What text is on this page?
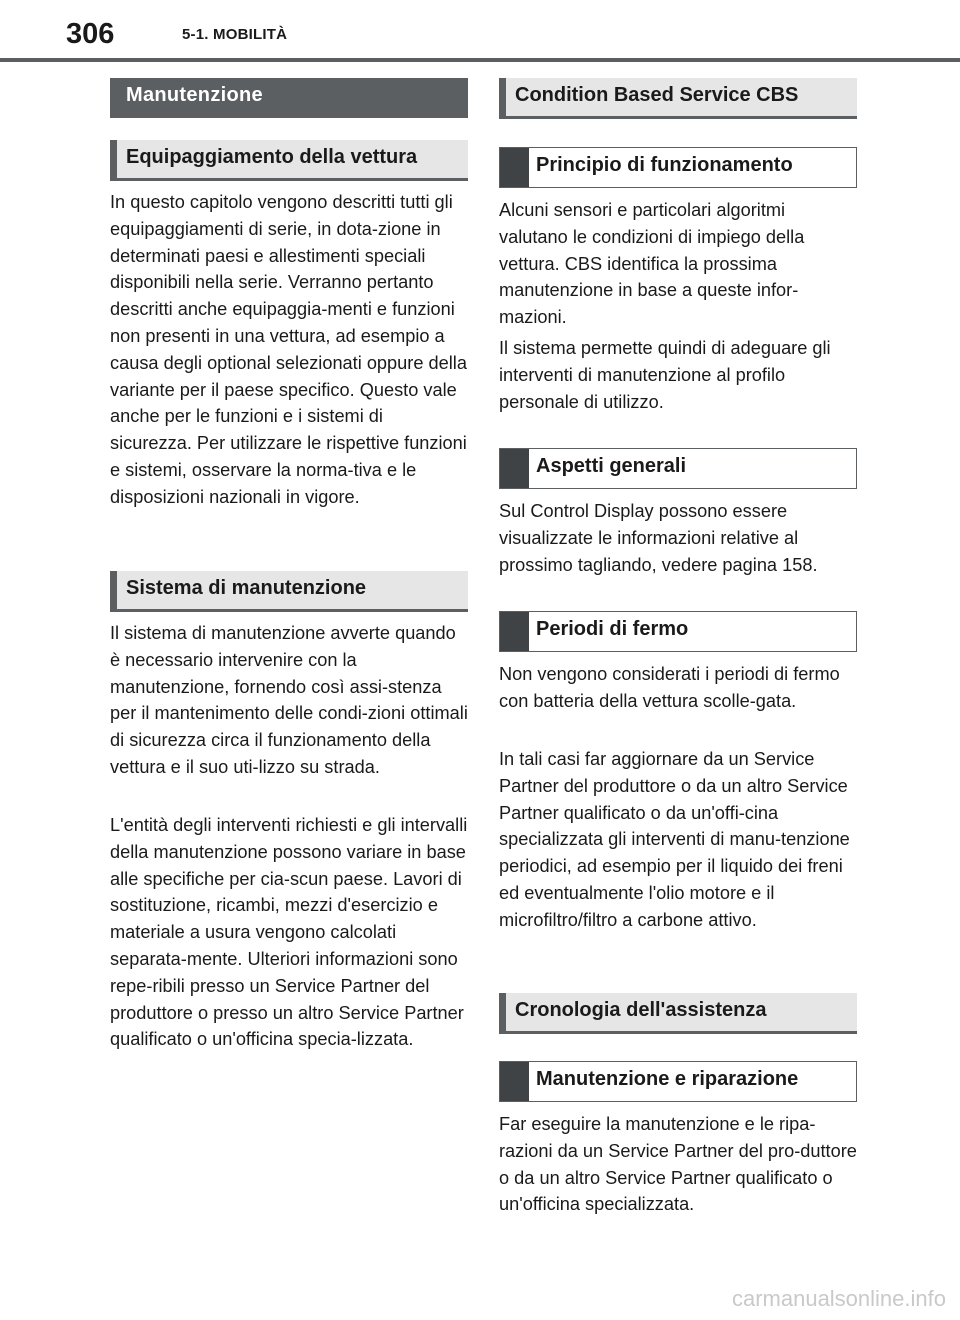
306	5-1. MOBILITÀ
Manutenzione
Equipaggiamento della vettura

In questo capitolo vengono descritti tutti gli equipaggiamenti di serie, in dota-zione in determinati paesi e allestimenti speciali disponibili nella serie. Verranno pertanto descritti anche equipaggia-menti e funzioni non presenti in una vettura, ad esempio a causa degli optional selezionati oppure della variante per il paese specifico. Questo vale anche per le funzioni e i sistemi di sicurezza. Per utilizzare le rispettive funzioni e sistemi, osservare la norma-tiva e le disposizioni nazionali in vigore.

Sistema di manutenzione

Il sistema di manutenzione avverte quando è necessario intervenire con la manutenzione, fornendo così assi-stenza per il mantenimento delle condi-zioni ottimali di sicurezza circa il funzionamento della vettura e il suo uti-lizzo su strada.

L'entità degli interventi richiesti e gli intervalli della manutenzione possono variare in base alle specifiche per cia-scun paese. Lavori di sostituzione, ricambi, mezzi d'esercizio e materiale a usura vengono calcolati separata-mente. Ulteriori informazioni sono repe-ribili presso un Service Partner del produttore o presso un altro Service Partner qualificato o un'officina specia-lizzata.

Condition Based Service CBS
Principio di funzionamento

Alcuni sensori e particolari algoritmi valutano le condizioni di impiego della vettura. CBS identifica la prossima manutenzione in base a queste infor-mazioni.

Il sistema permette quindi di adeguare gli interventi di manutenzione al profilo personale di utilizzo.

Aspetti generali

Sul Control Display possono essere visualizzate le informazioni relative al prossimo tagliando, vedere pagina 158.

Periodi di fermo

Non vengono considerati i periodi di fermo con batteria della vettura scolle-gata.

In tali casi far aggiornare da un Service Partner del produttore o da un altro Service Partner qualificato o da un'offi-cina specializzata gli interventi di manu-tenzione periodici, ad esempio per il liquido dei freni ed eventualmente l'olio motore e il microfiltro/filtro a carbone attivo.

Cronologia dell'assistenza
Manutenzione e riparazione

Far eseguire la manutenzione e le ripa-razioni da un Service Partner del pro-duttore o da un altro Service Partner qualificato o un'officina specializzata.

carmanualsonline.info
